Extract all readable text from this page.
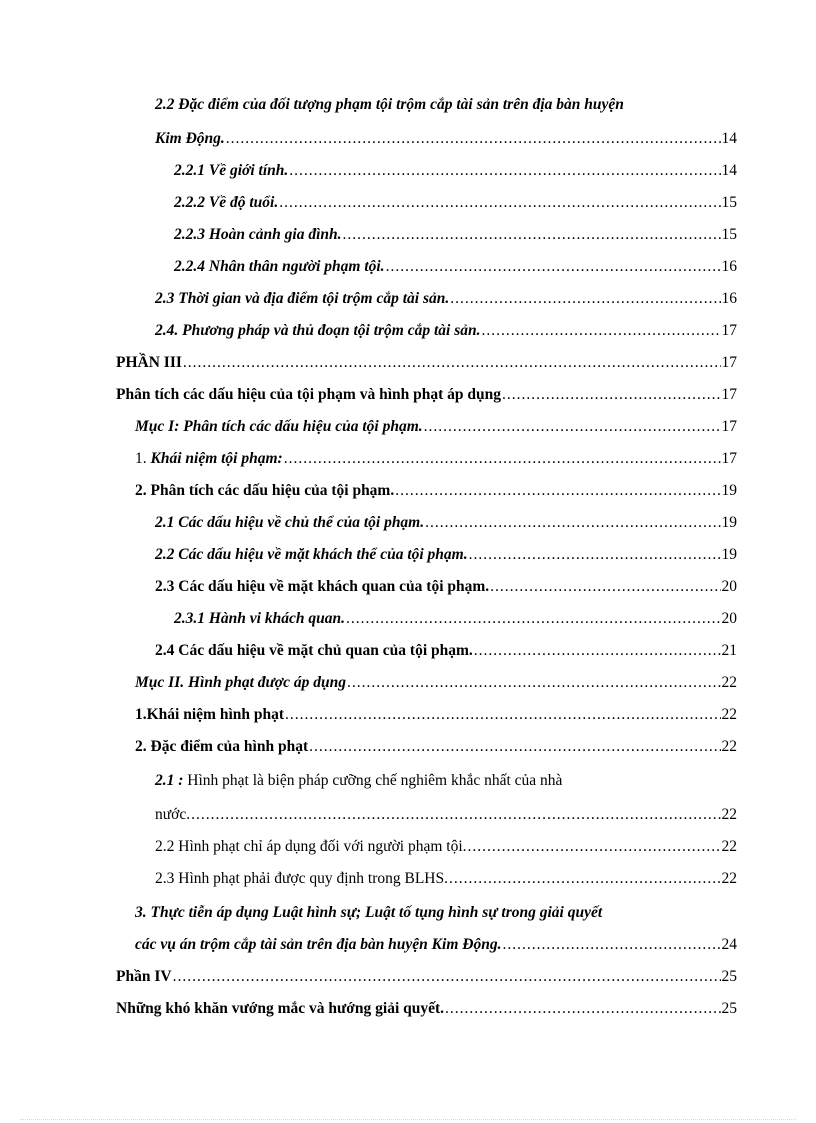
2.2 Đặc điểm của đối tượng phạm tội trộm cắp tài sản trên địa bàn huyện
Kim Động. .....	14
2.2.1 Về giới tính. .....	14
2.2.2 Về độ tuổi. .....	15
2.2.3 Hoàn cảnh gia đình. .....	15
2.2.4 Nhân thân người phạm tội. .....	16
2.3 Thời gian và địa điểm tội trộm cắp tài sản. .....	16
2.4. Phương pháp và thủ đoạn tội trộm cắp tài sản. .....	17
PHẦN III .....	17
Phân tích các dấu hiệu của tội phạm và hình phạt áp dụng .....	17
Mục I: Phân tích các dấu hiệu của tội phạm. .....	17
1. Khái niệm tội phạm: .....	17
2. Phân tích các dấu hiệu của tội phạm. .....	19
2.1 Các dấu hiệu về chủ thể của tội phạm. .....	19
2.2 Các dấu hiệu về mặt khách thể của tội phạm. .....	19
2.3 Các dấu hiệu về mặt khách quan của tội phạm. .....	20
2.3.1 Hành vi khách quan. .....	20
2.4 Các dấu hiệu về mặt chủ quan của tội phạm. .....	21
Mục II. Hình phạt được áp dụng .....	22
1.Khái niệm hình phạt .....	22
2. Đặc điểm của hình phạt .....	22
2.1 : Hình phạt là biện pháp cưỡng chế nghiêm khắc nhất của nhà
nước. .....	22
2.2 Hình phạt chỉ áp dụng đối với người phạm tội. .....	22
2.3 Hình phạt phải được quy định trong BLHS. .....	22
3. Thực tiễn áp dụng Luật hình sự; Luật tố tụng hình sự trong giải quyết
các vụ án trộm cắp tài sản trên địa bàn huyện Kim Động. .....	24
Phần IV .....	25
Những khó khăn vướng mắc và hướng giải quyết. .....	25
